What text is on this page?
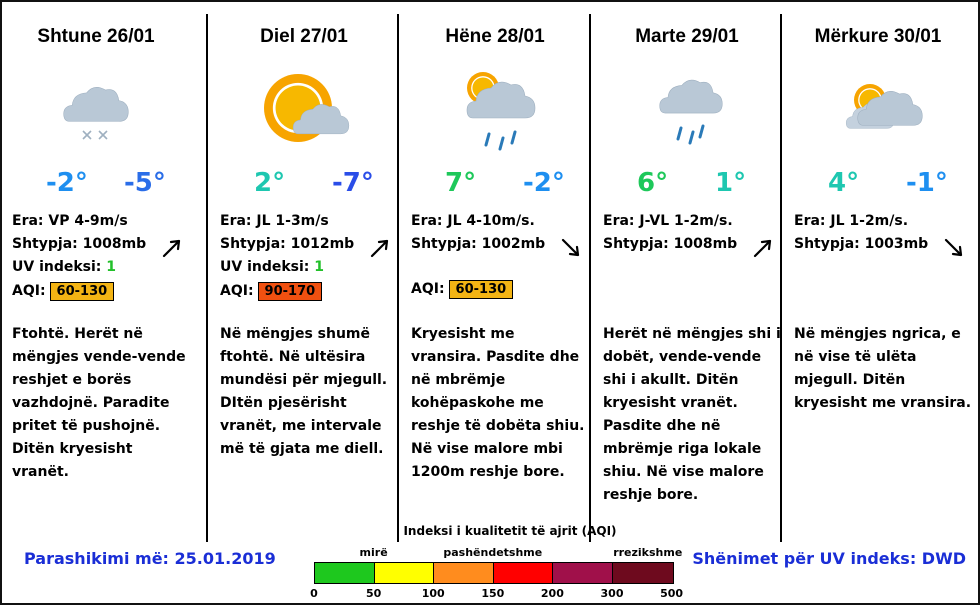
Shtune 26/01
-2° -5°
Era: VP 4-9m/s
Shtypja: 1008mb
UV indeksi: 1
AQI: 60-130
Ftohtë. Herët në mëngjes vende-vende reshjet e borës vazhdojnë. Paradite pritet të pushojnë. Ditën kryesisht vranët.
Diel 27/01
2° -7°
Era: JL 1-3m/s
Shtypja: 1012mb
UV indeksi: 1
AQI: 90-170
Në mëngjes shumë ftohtë. Në ultësira mundësi për mjegull. DItën pjesërisht vranët, me intervale më të gjata me diell.
Hëne 28/01
7° -2°
Era: JL 4-10m/s.
Shtypja: 1002mb
AQI: 60-130
Kryesisht me vransira. Pasdite dhe në mbrëmje kohëpaskohe me reshje të dobëta shiu. Në vise malore mbi 1200m reshje bore.
Marte 29/01
6° 1°
Era: J-VL 1-2m/s.
Shtypja: 1008mb
Herët në mëngjes shi i dobët, vende-vende shi i akullt. Ditën kryesisht vranët. Pasdite dhe në mbrëmje riga lokale shiu. Në vise malore reshje bore.
Mërkure 30/01
4° -1°
Era: JL 1-2m/s.
Shtypja: 1003mb
Në mëngjes ngrica, e në vise të ulëta mjegull. Ditën kryesisht me vransira.
Indeksi i kualitetit të ajrit (AQI)
mirë	pashëndetshme	rrezikshme
0	50	100	150	200	300	500
Parashikimi më: 25.01.2019	Shënimet për UV indeks: DWD
